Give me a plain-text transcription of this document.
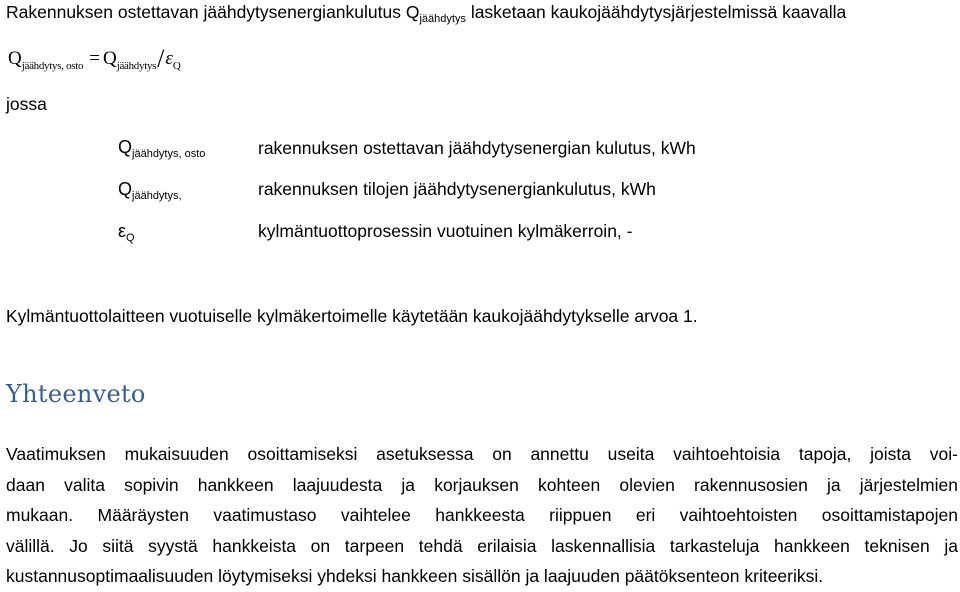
Rakennuksen ostettavan jäähdytysenergiankulutus $Q_{jäähdytys}$ lasketaan kaukojäähdytysjärjestelmissä kaavalla
$Q_{jäähdytys, osto} = Q_{jäähdytys}/\varepsilon_Q$
jossa
$Q_{jäähdytys, osto}$	rakennuksen ostettavan jäähdytysenergian kulutus, kWh
$Q_{jäähdytys,}$	rakennuksen tilojen jäähdytysenergiankulutus, kWh
$\varepsilon_Q$	kylmäntuottoprosessin vuotuinen kylmäkerroin, -
Kylmäntuottolaitteen vuotuiselle kylmäkertoimelle käytetään kaukojäähdytykselle arvoa 1.
Yhteenveto
Vaatimuksen mukaisuuden osoittamiseksi asetuksessa on annettu useita vaihtoehtoisia tapoja, joista voi-
daan valita sopivin hankkeen laajuudesta ja korjauksen kohteen olevien rakennusosien ja järjestelmien
mukaan. Määräysten vaatimustaso vaihtelee hankkeesta riippuen eri vaihtoehtoisten osoittamistapojen
välillä. Jo siitä syystä hankkeista on tarpeen tehdä erilaisia laskennallisia tarkasteluja hankkeen teknisen ja
kustannusoptimaalisuuden löytymiseksi yhdeksi hankkeen sisällön ja laajuuden päätöksenteon kriteeriksi.
